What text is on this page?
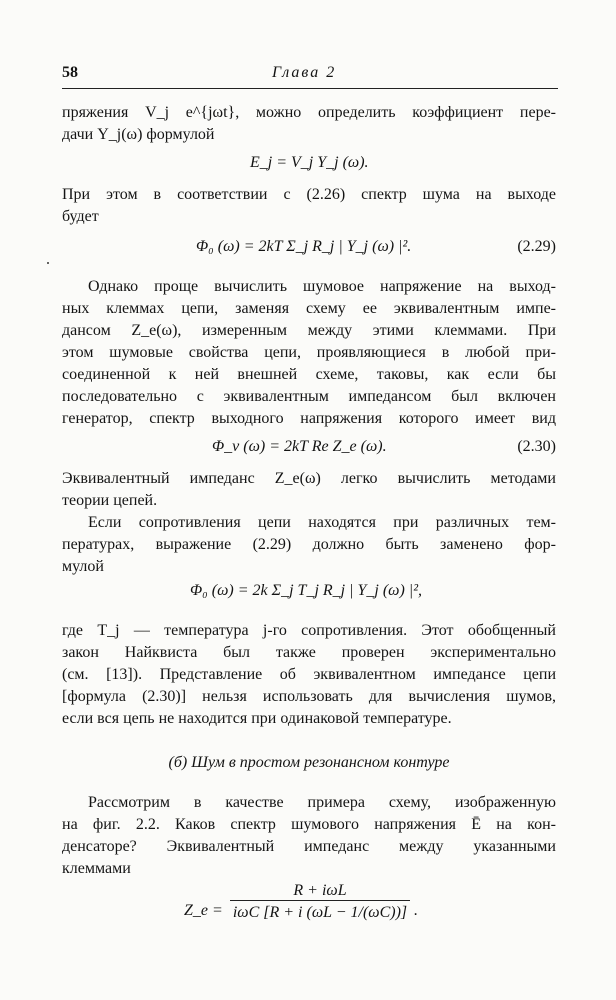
58	Глава 2

пряжения V_j e^{jωt}, можно определить коэффициент пере-
дачи Y_j(ω) формулой

E_j = V_j Y_j (ω).

При этом в соответствии с (2.26) спектр шума на выходе
будет

Φ₀ (ω) = 2kT Σ_j R_j | Y_j (ω) |².	(2.29)

Однако проще вычислить шумовое напряжение на выход-
ных клеммах цепи, заменяя схему ее эквивалентным импе-
дансом Z_e(ω), измеренным между этими клеммами. При
этом шумовые свойства цепи, проявляющиеся в любой при-
соединенной к ней внешней схеме, таковы, как если бы
последовательно с эквивалентным импедансом был включен
генератор, спектр выходного напряжения которого имеет вид

Φ_v (ω) = 2kT Re Z_e (ω).	(2.30)

Эквивалентный импеданс Z_e(ω) легко вычислить методами
теории цепей.

Если сопротивления цепи находятся при различных тем-
пературах, выражение (2.29) должно быть заменено фор-
мулой

Φ₀ (ω) = 2k Σ_j T_j R_j | Y_j (ω) |²,

где T_j — температура j-го сопротивления. Этот обобщенный
закон Найквиста был также проверен экспериментально
(см. [13]). Представление об эквивалентном импедансе цепи
[формула (2.30)] нельзя использовать для вычисления шумов,
если вся цепь не находится при одинаковой температуре.

(б) Шум в простом резонансном контуре

Рассмотрим в качестве примера схему, изображенную
на фиг. 2.2. Каков спектр шумового напряжения Ē на кон-
денсаторе? Эквивалентный импеданс между указанными
клеммами

Z_e =
R + iωL
iωC [R + i (ωL − 1/(ωC))] .
